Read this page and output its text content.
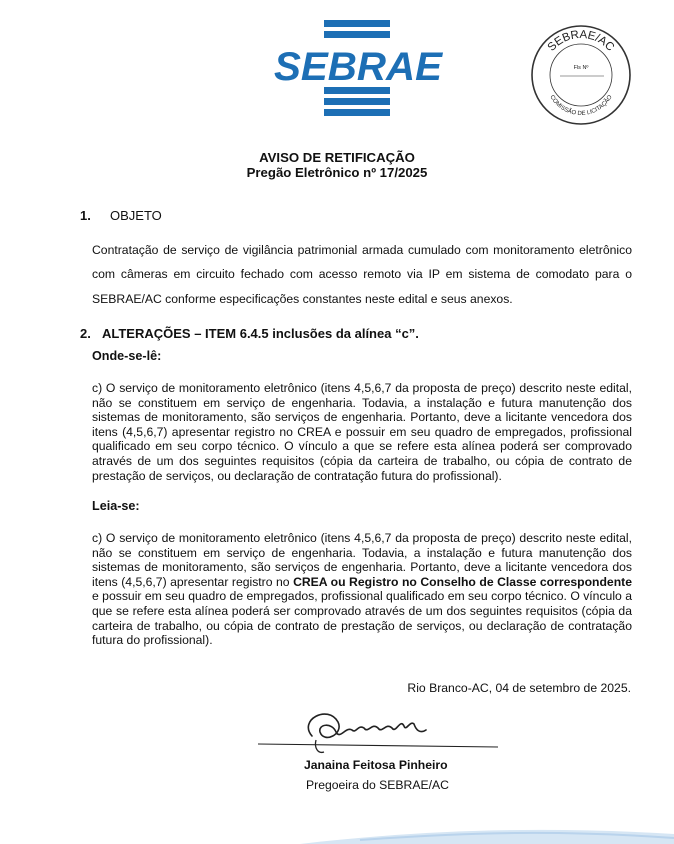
SEBRAE	SEBRAE/AC
COMISSÃO DE LICITAÇÃO
Fls Nº
AVISO DE RETIFICAÇÃO
Pregão Eletrônico nº 17/2025
1. OBJETO
Contratação de serviço de vigilância patrimonial armada cumulado com monitoramento eletrônico com câmeras em circuito fechado com acesso remoto via IP em sistema de comodato para o SEBRAE/AC conforme especificações constantes neste edital e seus anexos.
2. ALTERAÇÕES – ITEM 6.4.5 inclusões da alínea “c”.
Onde-se-lê:
c) O serviço de monitoramento eletrônico (itens 4,5,6,7 da proposta de preço) descrito neste edital, não se constituem em serviço de engenharia. Todavia, a instalação e futura manutenção dos sistemas de monitoramento, são serviços de engenharia. Portanto, deve a licitante vencedora dos itens (4,5,6,7) apresentar registro no CREA e possuir em seu quadro de empregados, profissional qualificado em seu corpo técnico. O vínculo a que se refere esta alínea poderá ser comprovado através de um dos seguintes requisitos (cópia da carteira de trabalho, ou cópia de contrato de prestação de serviços, ou declaração de contratação futura do profissional).
Leia-se:
c) O serviço de monitoramento eletrônico (itens 4,5,6,7 da proposta de preço) descrito neste edital, não se constituem em serviço de engenharia. Todavia, a instalação e futura manutenção dos sistemas de monitoramento, são serviços de engenharia. Portanto, deve a licitante vencedora dos itens (4,5,6,7) apresentar registro no CREA ou Registro no Conselho de Classe correspondente e possuir em seu quadro de empregados, profissional qualificado em seu corpo técnico. O vínculo a que se refere esta alínea poderá ser comprovado através de um dos seguintes requisitos (cópia da carteira de trabalho, ou cópia de contrato de prestação de serviços, ou declaração de contratação futura do profissional).
Rio Branco-AC, 04 de setembro de 2025.
Janaina Feitosa Pinheiro
Pregoeira do SEBRAE/AC
